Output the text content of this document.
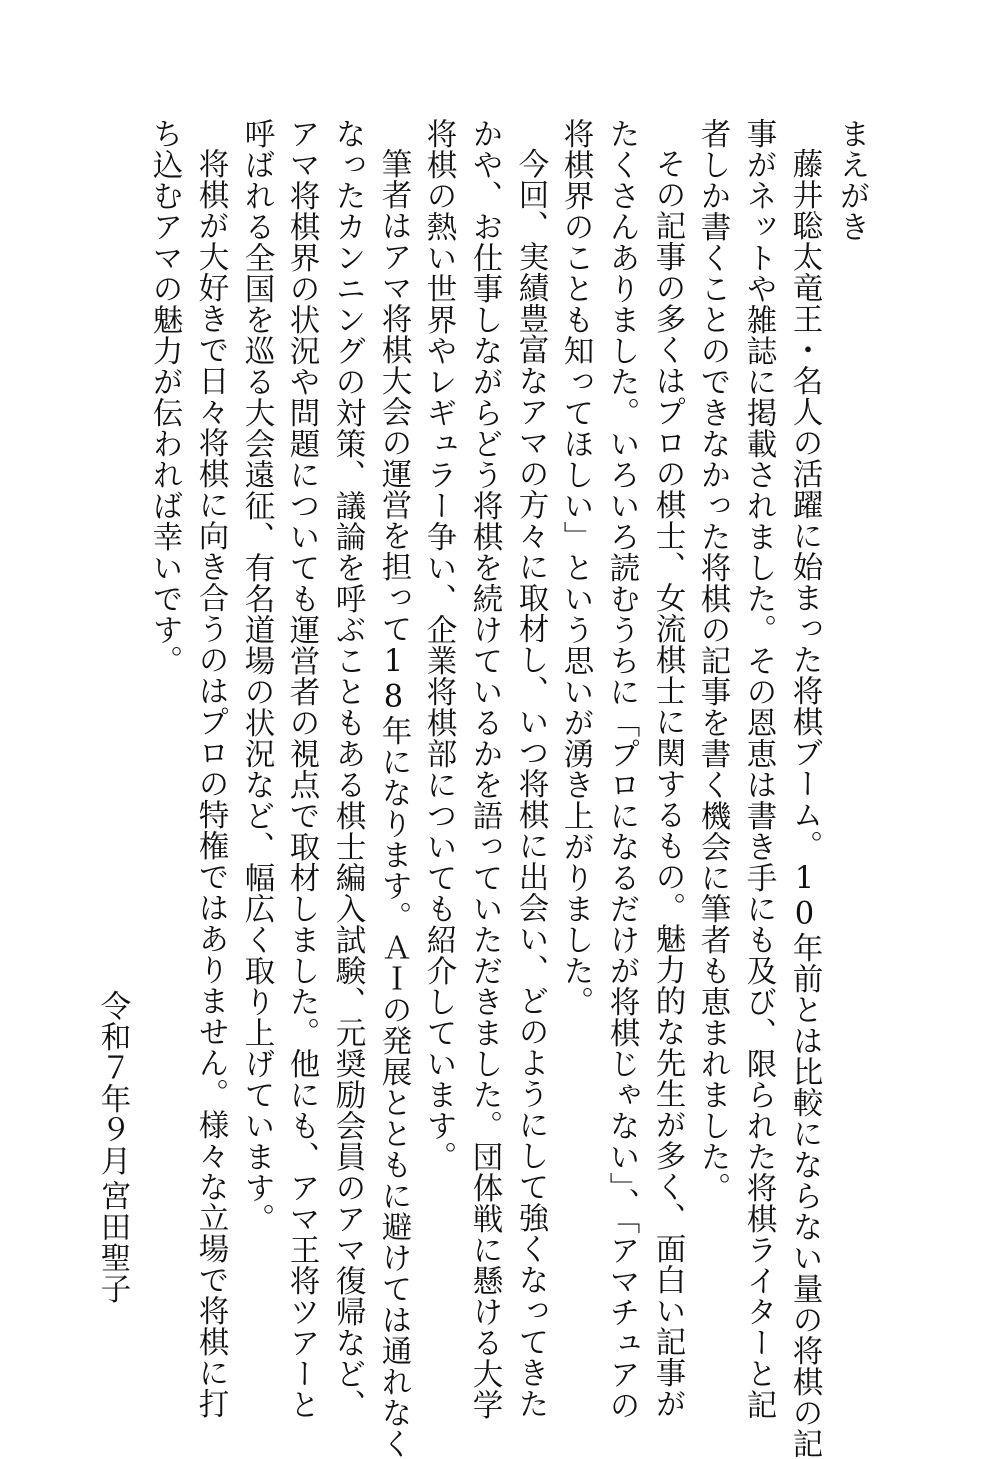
まえがき
藤井聡太竜王・名人の活躍に始まった将棋ブーム。10年前とは比較にならない量の将棋の記
事がネットや雑誌に掲載されました。その恩恵は書き手にも及び、限られた将棋ライターと記
者しか書くことのできなかった将棋の記事を書く機会に筆者も恵まれました。
その記事の多くはプロの棋士、女流棋士に関するもの。魅力的な先生が多く、面白い記事が
たくさんありました。いろいろ読むうちに「プロになるだけが将棋じゃない」、「アマチュアの
将棋界のことも知ってほしい」という思いが湧き上がりました。
今回、実績豊富なアマの方々に取材し、いつ将棋に出会い、どのようにして強くなってきた
かや、お仕事しながらどう将棋を続けているかを語っていただきました。団体戦に懸ける大学
将棋の熱い世界やレギュラー争い、企業将棋部についても紹介しています。
筆者はアマ将棋大会の運営を担って18年になります。ＡＩの発展とともに避けては通れなく
なったカンニングの対策、議論を呼ぶこともある棋士編入試験、元奨励会員のアマ復帰など、
アマ将棋界の状況や問題についても運営者の視点で取材しました。他にも、アマ王将ツアーと
呼ばれる全国を巡る大会遠征、有名道場の状況など、幅広く取り上げています。
将棋が大好きで日々将棋に向き合うのはプロの特権ではありません。様々な立場で将棋に打
ち込むアマの魅力が伝われば幸いです。
令和７年９月
宮田聖子
